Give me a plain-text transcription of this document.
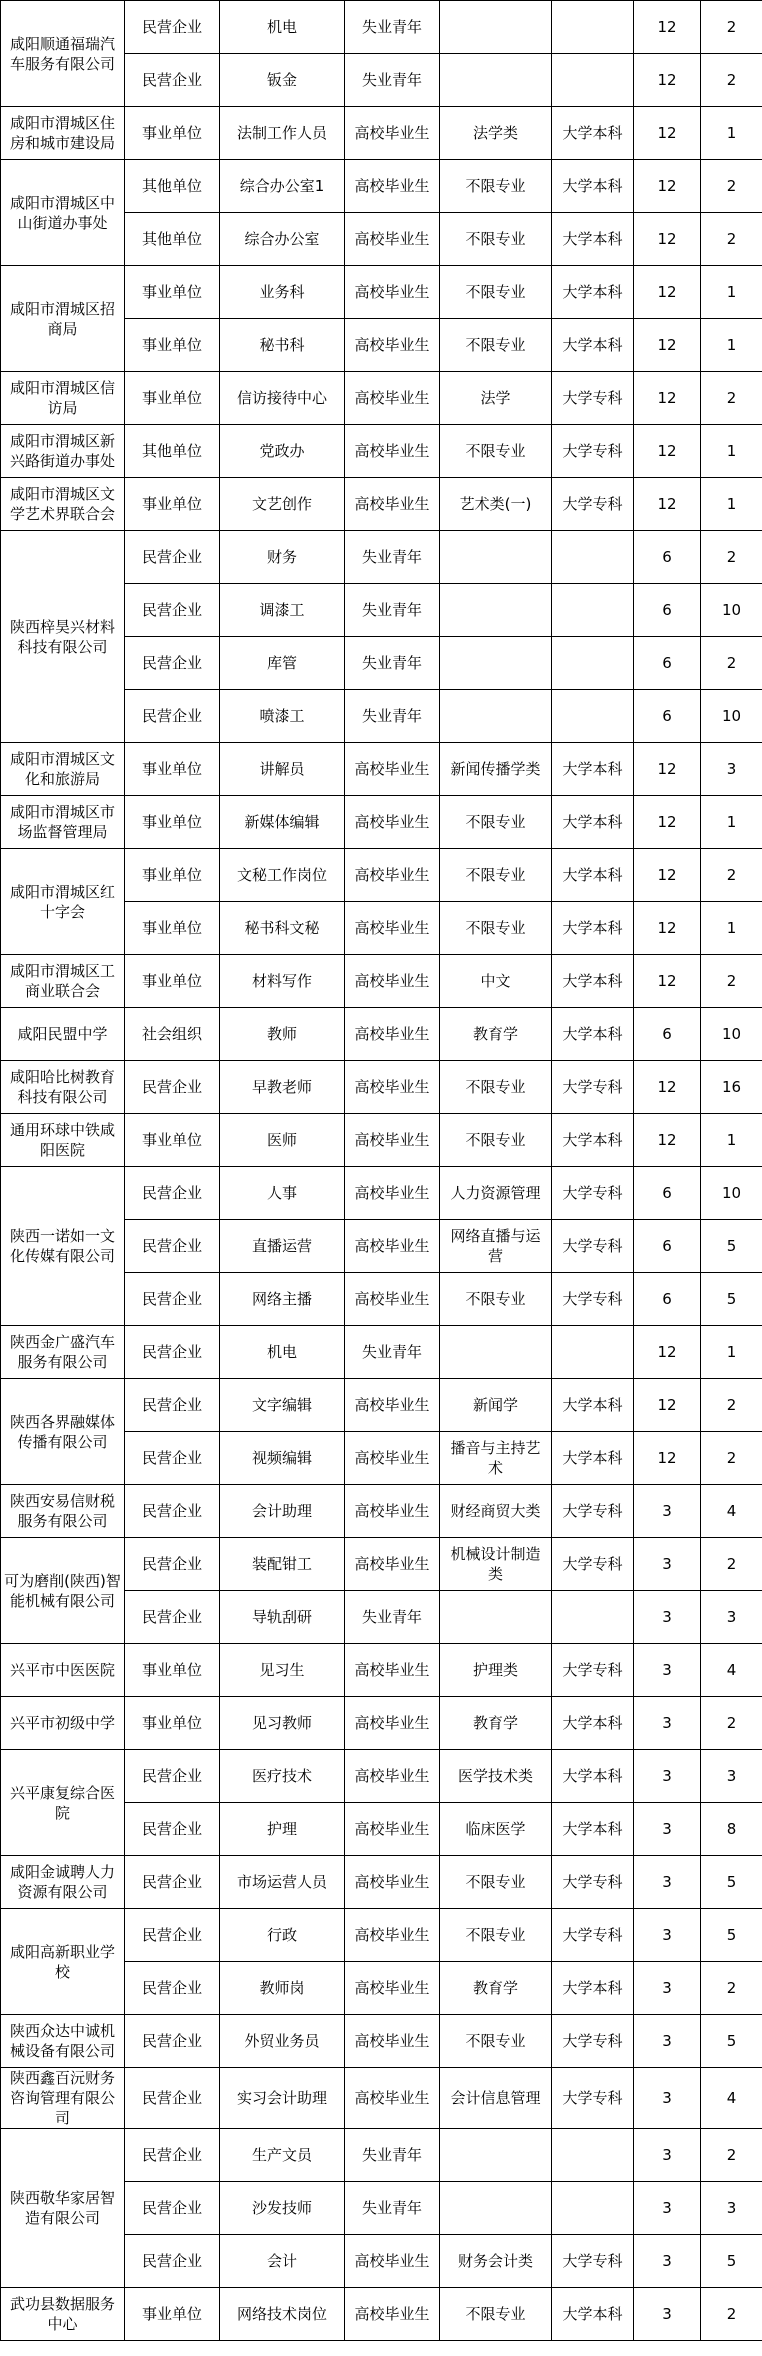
咸阳顺通福瑞汽车服务有限公司	民营企业	机电	失业青年			12	2
	民营企业	钣金	失业青年			12	2
咸阳市渭城区住房和城市建设局	事业单位	法制工作人员	高校毕业生	法学类	大学本科	12	1
咸阳市渭城区中山街道办事处	其他单位	综合办公室1	高校毕业生	不限专业	大学本科	12	2
	其他单位	综合办公室	高校毕业生	不限专业	大学本科	12	2
咸阳市渭城区招商局	事业单位	业务科	高校毕业生	不限专业	大学本科	12	1
	事业单位	秘书科	高校毕业生	不限专业	大学本科	12	1
咸阳市渭城区信访局	事业单位	信访接待中心	高校毕业生	法学	大学专科	12	2
咸阳市渭城区新兴路街道办事处	其他单位	党政办	高校毕业生	不限专业	大学专科	12	1
咸阳市渭城区文学艺术界联合会	事业单位	文艺创作	高校毕业生	艺术类(一)	大学专科	12	1
陕西梓昊兴材料科技有限公司	民营企业	财务	失业青年			6	2
	民营企业	调漆工	失业青年			6	10
	民营企业	库管	失业青年			6	2
	民营企业	喷漆工	失业青年			6	10
咸阳市渭城区文化和旅游局	事业单位	讲解员	高校毕业生	新闻传播学类	大学本科	12	3
咸阳市渭城区市场监督管理局	事业单位	新媒体编辑	高校毕业生	不限专业	大学本科	12	1
咸阳市渭城区红十字会	事业单位	文秘工作岗位	高校毕业生	不限专业	大学本科	12	2
	事业单位	秘书科文秘	高校毕业生	不限专业	大学本科	12	1
咸阳市渭城区工商业联合会	事业单位	材料写作	高校毕业生	中文	大学本科	12	2
咸阳民盟中学	社会组织	教师	高校毕业生	教育学	大学本科	6	10
咸阳哈比树教育科技有限公司	民营企业	早教老师	高校毕业生	不限专业	大学专科	12	16
通用环球中铁咸阳医院	事业单位	医师	高校毕业生	不限专业	大学本科	12	1
陕西一诺如一文化传媒有限公司	民营企业	人事	高校毕业生	人力资源管理	大学专科	6	10
	民营企业	直播运营	高校毕业生	网络直播与运营	大学专科	6	5
	民营企业	网络主播	高校毕业生	不限专业	大学专科	6	5
陕西金广盛汽车服务有限公司	民营企业	机电	失业青年			12	1
陕西各界融媒体传播有限公司	民营企业	文字编辑	高校毕业生	新闻学	大学本科	12	2
	民营企业	视频编辑	高校毕业生	播音与主持艺术	大学本科	12	2
陕西安易信财税服务有限公司	民营企业	会计助理	高校毕业生	财经商贸大类	大学专科	3	4
可为磨削(陕西)智能机械有限公司	民营企业	装配钳工	高校毕业生	机械设计制造类	大学专科	3	2
	民营企业	导轨刮研	失业青年			3	3
兴平市中医医院	事业单位	见习生	高校毕业生	护理类	大学专科	3	4
兴平市初级中学	事业单位	见习教师	高校毕业生	教育学	大学本科	3	2
兴平康复综合医院	民营企业	医疗技术	高校毕业生	医学技术类	大学本科	3	3
	民营企业	护理	高校毕业生	临床医学	大学本科	3	8
咸阳金诚聘人力资源有限公司	民营企业	市场运营人员	高校毕业生	不限专业	大学专科	3	5
咸阳高新职业学校	民营企业	行政	高校毕业生	不限专业	大学专科	3	5
	民营企业	教师岗	高校毕业生	教育学	大学本科	3	2
陕西众达中诚机械设备有限公司	民营企业	外贸业务员	高校毕业生	不限专业	大学专科	3	5
陕西鑫百沅财务咨询管理有限公司	民营企业	实习会计助理	高校毕业生	会计信息管理	大学专科	3	4
陕西敬华家居智造有限公司	民营企业	生产文员	失业青年			3	2
	民营企业	沙发技师	失业青年			3	3
	民营企业	会计	高校毕业生	财务会计类	大学专科	3	5
武功县数据服务中心	事业单位	网络技术岗位	高校毕业生	不限专业	大学本科	3	2
